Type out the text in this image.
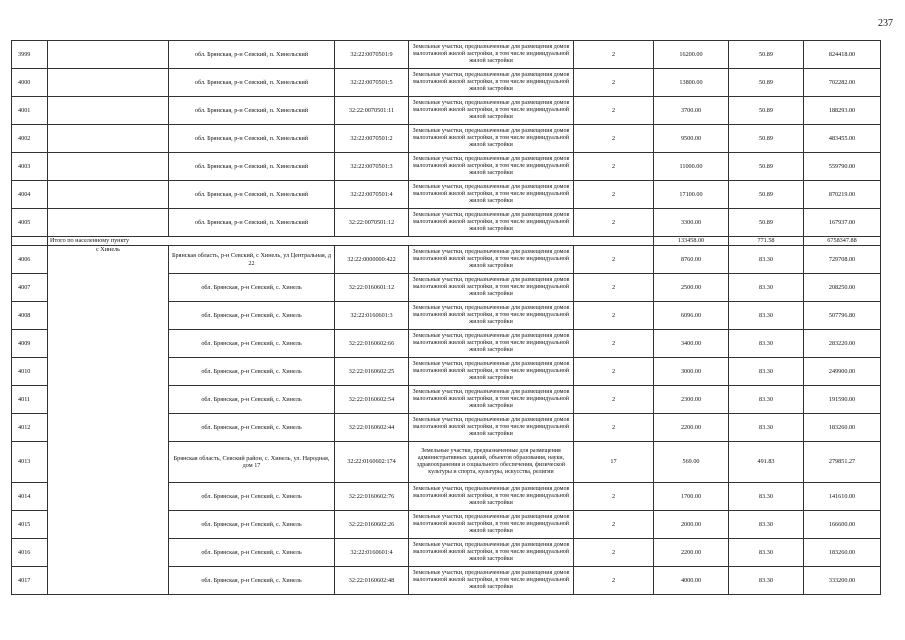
237
3999		обл. Брянская, р-н Севский, п. Хинельский	32:22:0070501:9	Земельные участки, предназначенные для размещения домов малоэтажной жилой застройки, в том числе индивидуальной жилой застройки	2	16200.00	50.89	824418.00
4000		обл. Брянская, р-н Севский, п. Хинельский	32:22:0070501:5	Земельные участки, предназначенные для размещения домов малоэтажной жилой застройки, в том числе индивидуальной жилой застройки	2	13800.00	50.89	702282.00
4001		обл. Брянская, р-н Севский, п. Хинельский	32:22:0070501:11	Земельные участки, предназначенные для размещения домов малоэтажной жилой застройки, в том числе индивидуальной жилой застройки	2	3700.00	50.89	188293.00
4002		обл. Брянская, р-н Севский, п. Хинельский	32:22:0070501:2	Земельные участки, предназначенные для размещения домов малоэтажной жилой застройки, в том числе индивидуальной жилой застройки	2	9500.00	50.89	483455.00
4003		обл. Брянская, р-н Севский, п. Хинельский	32:22:0070501:3	Земельные участки, предназначенные для размещения домов малоэтажной жилой застройки, в том числе индивидуальной жилой застройки	2	11000.00	50.89	559790.00
4004		обл. Брянская, р-н Севский, п. Хинельский	32:22:0070501:4	Земельные участки, предназначенные для размещения домов малоэтажной жилой застройки, в том числе индивидуальной жилой застройки	2	17100.00	50.89	870219.00
4005		обл. Брянская, р-н Севский, п. Хинельский	32:22:0070501:12	Земельные участки, предназначенные для размещения домов малоэтажной жилой застройки, в том числе индивидуальной жилой застройки	2	3300.00	50.89	167937.00
	Итого по населенному пункту					133458.00	771.58	6758347.88
4006	с Хинель	Брянская область, р-н Севский, с Хинель, ул Центральная, д 22	32:22:0000000:422	Земельные участки, предназначенные для размещения домов малоэтажной жилой застройки, в том числе индивидуальной жилой застройки	2	8760.00	83.30	729708.00
4007		обл. Брянская, р-н Севский, с. Хинель	32:22:0160601:12	Земельные участки, предназначенные для размещения домов малоэтажной жилой застройки, в том числе индивидуальной жилой застройки	2	2500.00	83.30	208250.00
4008		обл. Брянская, р-н Севский, с. Хинель	32:22:0160601:3	Земельные участки, предназначенные для размещения домов малоэтажной жилой застройки, в том числе индивидуальной жилой застройки	2	6096.00	83.30	507796.80
4009		обл. Брянская, р-н Севский, с. Хинель	32:22:0160602:66	Земельные участки, предназначенные для размещения домов малоэтажной жилой застройки, в том числе индивидуальной жилой застройки	2	3400.00	83.30	283220.00
4010		обл. Брянская, р-н Севский, с. Хинель	32:22:0160602:25	Земельные участки, предназначенные для размещения домов малоэтажной жилой застройки, в том числе индивидуальной жилой застройки	2	3000.00	83.30	249900.00
4011		обл. Брянская, р-н Севский, с. Хинель	32:22:0160602:54	Земельные участки, предназначенные для размещения домов малоэтажной жилой застройки, в том числе индивидуальной жилой застройки	2	2300.00	83.30	191590.00
4012		обл. Брянская, р-н Севский, с. Хинель	32:22:0160602:44	Земельные участки, предназначенные для размещения домов малоэтажной жилой застройки, в том числе индивидуальной жилой застройки	2	2200.00	83.30	183260.00
4013		Брянская область, Севский район, с. Хинель, ул. Народная, дом 17	32:22:0160602:174	Земельные участки, предназначенные для размещения административных зданий, объектов образования, науки, здравоохранения и социального обеспечения, физической культуры и спорта, культуры, искусства, религии	17	569.00	491.83	279851.27
4014		обл. Брянская, р-н Севский, с. Хинель	32:22:0160602:76	Земельные участки, предназначенные для размещения домов малоэтажной жилой застройки, в том числе индивидуальной жилой застройки	2	1700.00	83.30	141610.00
4015		обл. Брянская, р-н Севский, с. Хинель	32:22:0160602:26	Земельные участки, предназначенные для размещения домов малоэтажной жилой застройки, в том числе индивидуальной жилой застройки	2	2000.00	83.30	166600.00
4016		обл. Брянская, р-н Севский, с. Хинель	32:22:0160601:4	Земельные участки, предназначенные для размещения домов малоэтажной жилой застройки, в том числе индивидуальной жилой застройки	2	2200.00	83.30	183260.00
4017		обл. Брянская, р-н Севский, с. Хинель	32:22:0160602:48	Земельные участки, предназначенные для размещения домов малоэтажной жилой застройки, в том числе индивидуальной жилой застройки	2	4000.00	83.30	333200.00
